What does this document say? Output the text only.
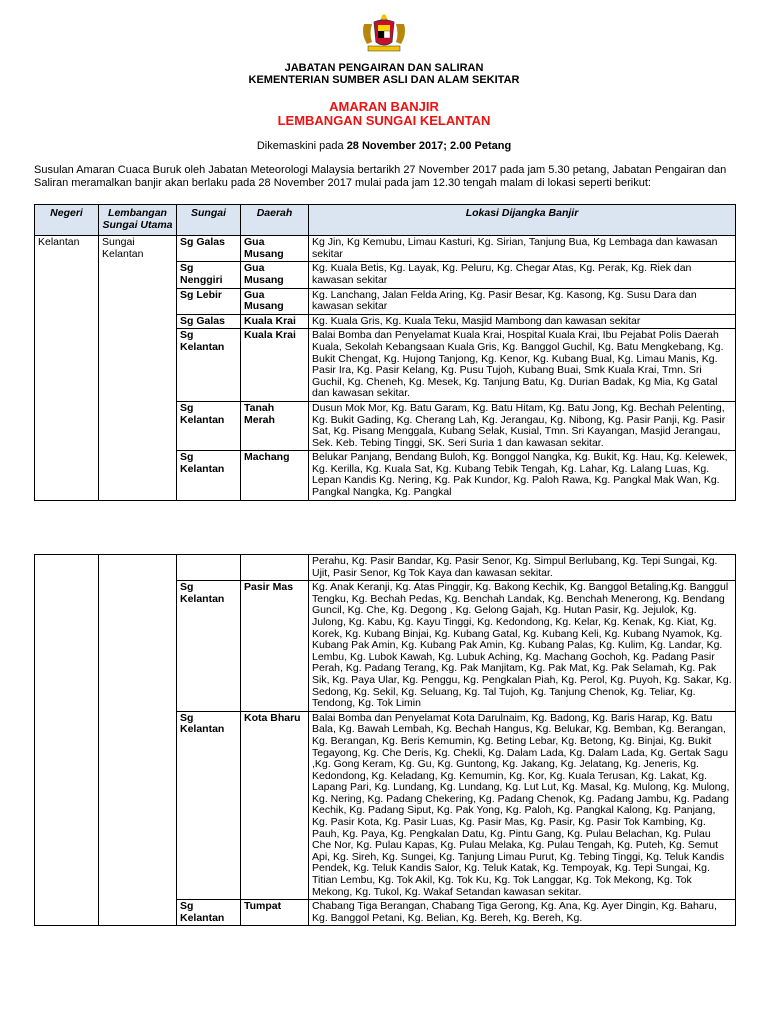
JABATAN PENGAIRAN DAN SALIRAN
KEMENTERIAN SUMBER ASLI DAN ALAM SEKITAR
AMARAN BANJIR
LEMBANGAN SUNGAI KELANTAN
Dikemaskini pada 28 November 2017; 2.00 Petang
Susulan Amaran Cuaca Buruk oleh Jabatan Meteorologi Malaysia bertarikh 27 November 2017 pada jam 5.30 petang, Jabatan Pengairan dan Saliran meramalkan banjir akan berlaku pada 28 November 2017 mulai pada jam 12.30 tengah malam di lokasi seperti berikut:
Negeri	Lembangan Sungai Utama	Sungai	Daerah	Lokasi Dijangka Banjir
Kelantan	Sungai Kelantan	Sg Galas	Gua Musang	Kg Jin, Kg Kemubu, Limau Kasturi, Kg. Sirian, Tanjung Bua, Kg Lembaga dan kawasan sekitar
		Sg Nenggiri	Gua Musang	Kg. Kuala Betis, Kg. Layak, Kg. Peluru, Kg. Chegar Atas, Kg. Perak, Kg. Riek dan kawasan sekitar
		Sg Lebir	Gua Musang	Kg. Lanchang, Jalan Felda Aring, Kg. Pasir Besar, Kg. Kasong, Kg. Susu Dara dan kawasan sekitar
		Sg Galas	Kuala Krai	Kg. Kuala Gris, Kg. Kuala Teku, Masjid Mambong dan kawasan sekitar
		Sg Kelantan	Kuala Krai	Balai Bomba dan Penyelamat Kuala Krai, Hospital Kuala Krai, Ibu Pejabat Polis Daerah Kuala, Sekolah Kebangsaan Kuala Gris, Kg. Banggol Guchil, Kg. Batu Mengkebang, Kg. Bukit Chengat, Kg. Hujong Tanjong, Kg. Kenor, Kg. Kubang Bual, Kg. Limau Manis, Kg. Pasir Ira, Kg. Pasir Kelang, Kg. Pusu Tujoh, Kubang Buai, Smk Kuala Krai, Tmn. Sri Guchil, Kg. Cheneh, Kg. Mesek, Kg. Tanjung Batu, Kg. Durian Badak, Kg Mia, Kg Gatal dan kawasan sekitar.
		Sg Kelantan	Tanah Merah	Dusun Mok Mor, Kg. Batu Garam, Kg. Batu Hitam, Kg. Batu Jong, Kg. Bechah Pelenting, Kg. Bukit Gading, Kg. Cherang Lah, Kg. Jerangau, Kg. Nibong, Kg. Pasir Panji, Kg. Pasir Sat, Kg. Pisang Menggala, Kubang Selak, Kusial, Tmn. Sri Kayangan, Masjid Jerangau, Sek. Keb. Tebing Tinggi, SK. Seri Suria 1 dan kawasan sekitar.
		Sg Kelantan	Machang	Belukar Panjang, Bendang Buloh, Kg. Bonggol Nangka, Kg. Bukit, Kg. Hau, Kg. Kelewek, Kg. Kerilla, Kg. Kuala Sat, Kg. Kubang Tebik Tengah, Kg. Lahar, Kg. Lalang Luas, Kg. Lepan Kandis Kg. Nering, Kg. Pak Kundor, Kg. Paloh Rawa, Kg. Pangkal Mak Wan, Kg. Pangkal Nangka, Kg. Pangkal
				Perahu, Kg. Pasir Bandar, Kg. Pasir Senor, Kg. Simpul Berlubang, Kg. Tepi Sungai, Kg. Ujit, Pasir Senor, Kg Tok Kaya dan kawasan sekitar.
		Sg Kelantan	Pasir Mas	Kg. Anak Keranji, Kg. Atas Pinggir, Kg. Bakong Kechik, Kg. Banggol Betaling,Kg. Banggul Tengku, Kg. Bechah Pedas, Kg. Benchah Landak, Kg. Benchah Menerong, Kg. Bendang Guncil, Kg. Che, Kg. Degong , Kg. Gelong Gajah, Kg. Hutan Pasir, Kg. Jejulok, Kg. Julong, Kg. Kabu, Kg. Kayu Tinggi, Kg. Kedondong, Kg. Kelar, Kg. Kenak, Kg. Kiat, Kg. Korek, Kg. Kubang Binjai, Kg. Kubang Gatal, Kg. Kubang Keli, Kg. Kubang Nyamok, Kg. Kubang Pak Amin, Kg. Kubang Pak Amin, Kg. Kubang Palas, Kg. Kulim, Kg. Landar, Kg. Lembu, Kg. Lubok Kawah, Kg. Lubuk Aching, Kg. Machang Gochoh, Kg. Padang Pasir Perah, Kg. Padang Terang, Kg. Pak Manjitam, Kg. Pak Mat, Kg. Pak Selamah, Kg. Pak Sik, Kg. Paya Ular, Kg. Penggu, Kg. Pengkalan Piah, Kg. Perol, Kg. Puyoh, Kg. Sakar, Kg. Sedong, Kg. Sekil, Kg. Seluang, Kg. Tal Tujoh, Kg. Tanjung Chenok, Kg. Teliar, Kg. Tendong, Kg. Tok Limin
		Sg Kelantan	Kota Bharu	Balai Bomba dan Penyelamat Kota Darulnaim, Kg. Badong, Kg. Baris Harap, Kg. Batu Bala, Kg. Bawah Lembah, Kg. Bechah Hangus, Kg. Belukar, Kg. Bemban, Kg. Berangan, Kg. Berangan, Kg. Beris Kemumin, Kg. Beting Lebar, Kg. Betong, Kg. Binjai, Kg. Bukit Tegayong, Kg. Che Deris, Kg. Chekli, Kg. Dalam Lada, Kg. Dalam Lada, Kg. Gertak Sagu ,Kg. Gong Keram, Kg. Gu, Kg. Guntong, Kg. Jakang, Kg. Jelatang, Kg. Jeneris, Kg. Kedondong, Kg. Keladang, Kg. Kemumin, Kg. Kor, Kg. Kuala Terusan, Kg. Lakat, Kg. Lapang Pari, Kg. Lundang, Kg. Lundang, Kg. Lut Lut, Kg. Masal, Kg. Mulong, Kg. Mulong, Kg. Nering, Kg. Padang Chekering, Kg. Padang Chenok, Kg. Padang Jambu, Kg. Padang Kechik, Kg. Padang Siput, Kg. Pak Yong, Kg. Paloh, Kg. Pangkal Kalong, Kg. Panjang, Kg. Pasir Kota, Kg. Pasir Luas, Kg. Pasir Mas, Kg. Pasir, Kg. Pasir Tok Kambing, Kg. Pauh, Kg. Paya, Kg. Pengkalan Datu, Kg. Pintu Gang, Kg. Pulau Belachan, Kg. Pulau Che Nor, Kg. Pulau Kapas, Kg. Pulau Melaka, Kg. Pulau Tengah, Kg. Puteh, Kg. Semut Api, Kg. Sireh, Kg. Sungei, Kg. Tanjung Limau Purut, Kg. Tebing Tinggi, Kg. Teluk Kandis Pendek, Kg. Teluk Kandis Salor, Kg. Teluk Katak, Kg. Tempoyak, Kg. Tepi Sungai, Kg. Titian Lembu, Kg. Tok Akil, Kg. Tok Ku, Kg. Tok Langgar, Kg. Tok Mekong, Kg. Tok Mekong, Kg. Tukol, Kg. Wakaf Setandan kawasan sekitar.
		Sg Kelantan	Tumpat	Chabang Tiga Berangan, Chabang Tiga Gerong, Kg. Ana, Kg. Ayer Dingin, Kg. Baharu, Kg. Banggol Petani, Kg. Belian, Kg. Bereh, Kg. Bereh, Kg.
